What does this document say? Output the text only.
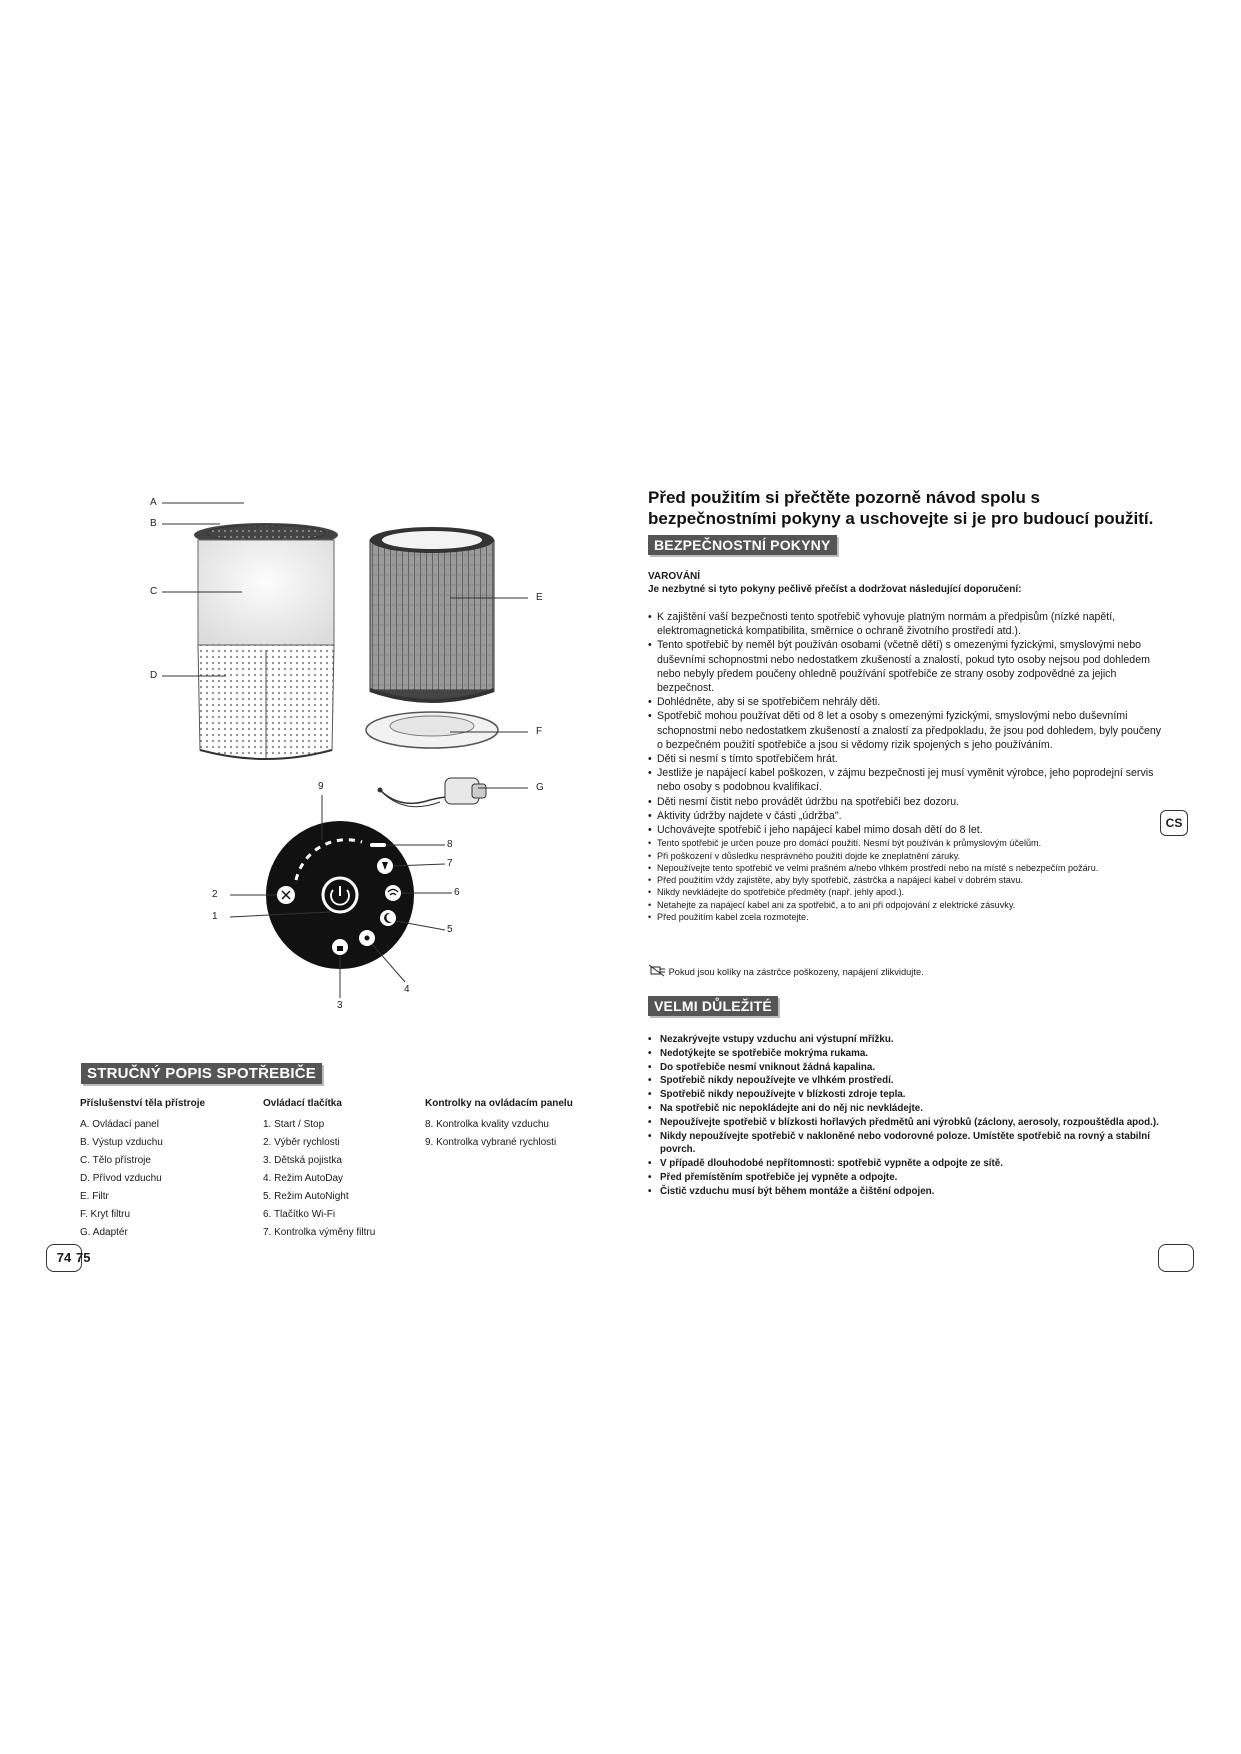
A
B
C
D
E
F
G
1
2
3
4
5
6
7
8
9
STRUČNÝ POPIS SPOTŘEBIČE
Příslušenství těla přístroje
A. Ovládací panel
B. Výstup vzduchu
C. Tělo přístroje
D. Přívod vzduchu
E. Filtr
F. Kryt filtru
G. Adaptér
Ovládací tlačítka
1. Start / Stop
2. Výběr rychlosti
3. Dětská pojistka
4. Režim AutoDay
5. Režim AutoNight
6. Tlačítko Wi-Fi
7. Kontrolka výměny filtru
Kontrolky na ovládacím panelu
8. Kontrolka kvality vzduchu
9. Kontrolka vybrané rychlosti
74 75
Před použitím si přečtěte pozorně návod spolu s bezpečnostními pokyny a uschovejte si je pro budoucí použití.
BEZPEČNOSTNÍ POKYNY
VAROVÁNÍ
Je nezbytné si tyto pokyny pečlivě přečíst a dodržovat následující doporučení:
• K zajištění vaší bezpečnosti tento spotřebič vyhovuje platným normám a předpisům (nízké napětí, elektromagnetická kompatibilita, směrnice o ochraně životního prostředí atd.).
• Tento spotřebič by neměl být používán osobami (včetně dětí) s omezenými fyzickými, smyslovými nebo duševními schopnostmi nebo nedostatkem zkušeností a znalostí, pokud tyto osoby nejsou pod dohledem nebo nebyly předem poučeny ohledně používání spotřebiče ze strany osoby zodpovědné za jejich bezpečnost.
• Dohlédněte, aby si se spotřebičem nehrály děti.
• Spotřebič mohou používat děti od 8 let a osoby s omezenými fyzickými, smyslovými nebo duševními schopnostmi nebo nedostatkem zkušeností a znalostí za předpokladu, že jsou pod dohledem, byly poučeny o bezpečném použití spotřebiče a jsou si vědomy rizik spojených s jeho používáním.
• Děti si nesmí s tímto spotřebičem hrát.
• Jestliže je napájecí kabel poškozen, v zájmu bezpečnosti jej musí vyměnit výrobce, jeho poprodejní servis nebo osoby s podobnou kvalifikací.
• Děti nesmí čistit nebo provádět údržbu na spotřebiči bez dozoru.
• Aktivity údržby najdete v části „údržba".
• Uchovávejte spotřebič i jeho napájecí kabel mimo dosah dětí do 8 let.
• Tento spotřebič je určen pouze pro domácí použití. Nesmí být používán k průmyslovým účelům.
• Při poškození v důsledku nesprávného použití dojde ke zneplatnění záruky.
• Nepoužívejte tento spotřebič ve velmi prašném a/nebo vlhkém prostředí nebo na místě s nebezpečím požáru.
• Před použitím vždy zajistěte, aby byly spotřebič, zástrčka a napájecí kabel v dobrém stavu.
• Nikdy nevkládejte do spotřebiče předměty (např. jehly apod.).
• Netahejte za napájecí kabel ani za spotřebič, a to ani při odpojování z elektrické zásuvky.
• Před použitím kabel zcela rozmotejte.
Pokud jsou kolíky na zástrčce poškozeny, napájení zlikvidujte.
VELMI DŮLEŽITÉ
• Nezakrývejte vstupy vzduchu ani výstupní mřížku.
• Nedotýkejte se spotřebiče mokrýma rukama.
• Do spotřebiče nesmí vniknout žádná kapalina.
• Spotřebič nikdy nepoužívejte ve vlhkém prostředí.
• Spotřebič nikdy nepoužívejte v blízkosti zdroje tepla.
• Na spotřebič nic nepokládejte ani do něj nic nevkládejte.
• Nepoužívejte spotřebič v blízkosti hořlavých předmětů ani výrobků (záclony, aerosoly, rozpouštědla apod.).
• Nikdy nepoužívejte spotřebič v nakloněné nebo vodorovné poloze. Umístěte spotřebič na rovný a stabilní povrch.
• V případě dlouhodobé nepřítomnosti: spotřebič vypněte a odpojte ze sítě.
• Před přemístěním spotřebiče jej vypněte a odpojte.
• Čistič vzduchu musí být během montáže a čištění odpojen.
CS
